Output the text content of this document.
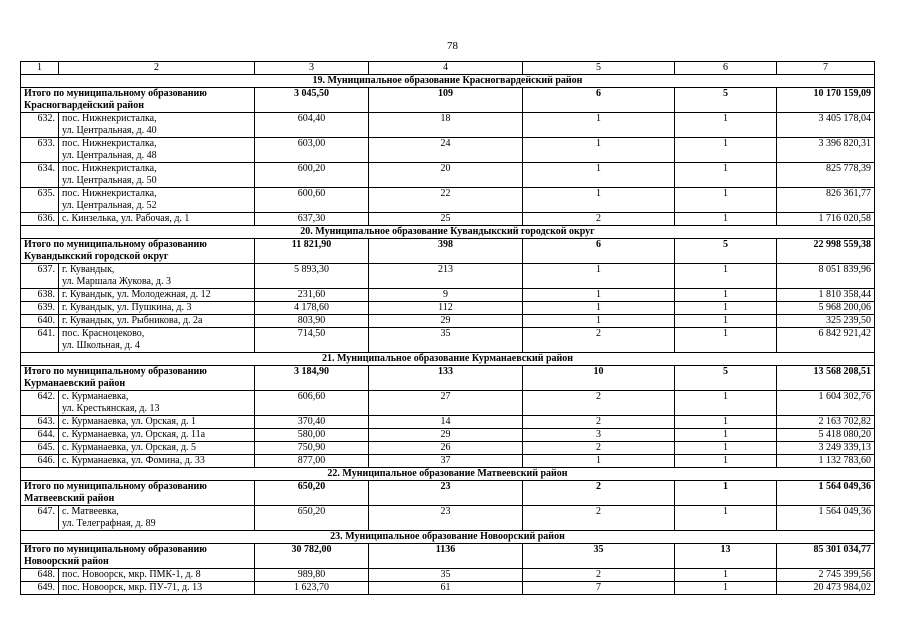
78
1	2	3	4	5	6	7
19. Муниципальное образование Красногвардейский район						

Итого по муниципальному образованию
Красногвардейский район		3 045,50	109	6	5	10 170 159,09
632.	пос. Нижнекристалка,
ул. Центральная, д. 40	604,40	18	1	1	3 405 178,04
633.	пос. Нижнекристалка,
ул. Центральная, д. 48	603,00	24	1	1	3 396 820,31
634.	пос. Нижнекристалка,
ул. Центральная, д. 50	600,20	20	1	1	825 778,39
635.	пос. Нижнекристалка,
ул. Центральная, д. 52	600,60	22	1	1	826 361,77
636.	с. Кинзелька, ул. Рабочая, д. 1	637,30	25	2	1	1 716 020,58
20. Муниципальное образование Кувандыкский городской округ						

Итого по муниципальному образованию
Кувандыкский городской округ		11 821,90	398	6	5	22 998 559,38
637.	г. Кувандык,
ул. Маршала Жукова, д. 3	5 893,30	213	1	1	8 051 839,96
638.	г. Кувандык, ул. Молодежная, д. 12	231,60	9	1	1	1 810 358,44
639.	г. Кувандык, ул. Пушкина, д. 3	4 178,60	112	1	1	5 968 200,06
640.	г. Кувандык, ул. Рыбникова, д. 2а	803,90	29	1	1	325 239,50
641.	пос. Красноцеково,
ул. Школьная, д. 4	714,50	35	2	1	6 842 921,42
21. Муниципальное образование Курманаевский район						

Итого по муниципальному образованию
Курманаевский район		3 184,90	133	10	5	13 568 208,51
642.	с. Курманаевка,
ул. Крестьянская, д. 13	606,60	27	2	1	1 604 302,76
643.	с. Курманаевка, ул. Орская, д. 1	370,40	14	2	1	2 163 702,82
644.	с. Курманаевка, ул. Орская, д. 11а	580,00	29	3	1	5 418 080,20
645.	с. Курманаевка, ул. Орская, д. 5	750,90	26	2	1	3 249 339,13
646.	с. Курманаевка, ул. Фомина, д. 33	877,00	37	1	1	1 132 783,60
22. Муниципальное образование Матвеевский район						

Итого по муниципальному образованию
Матвеевский район		650,20	23	2	1	1 564 049,36
647.	с. Матвеевка,
ул. Телеграфная, д. 89	650,20	23	2	1	1 564 049,36
23. Муниципальное образование Новоорский район						

Итого по муниципальному образованию
Новоорский район		30 782,00	1136	35	13	85 301 034,77
648.	пос. Новоорск, мкр. ПМК-1, д. 8	989,80	35	2	1	2 745 399,56
649.	пос. Новоорск, мкр. ПУ-71, д. 13	1 623,70	61	7	1	20 473 984,02
